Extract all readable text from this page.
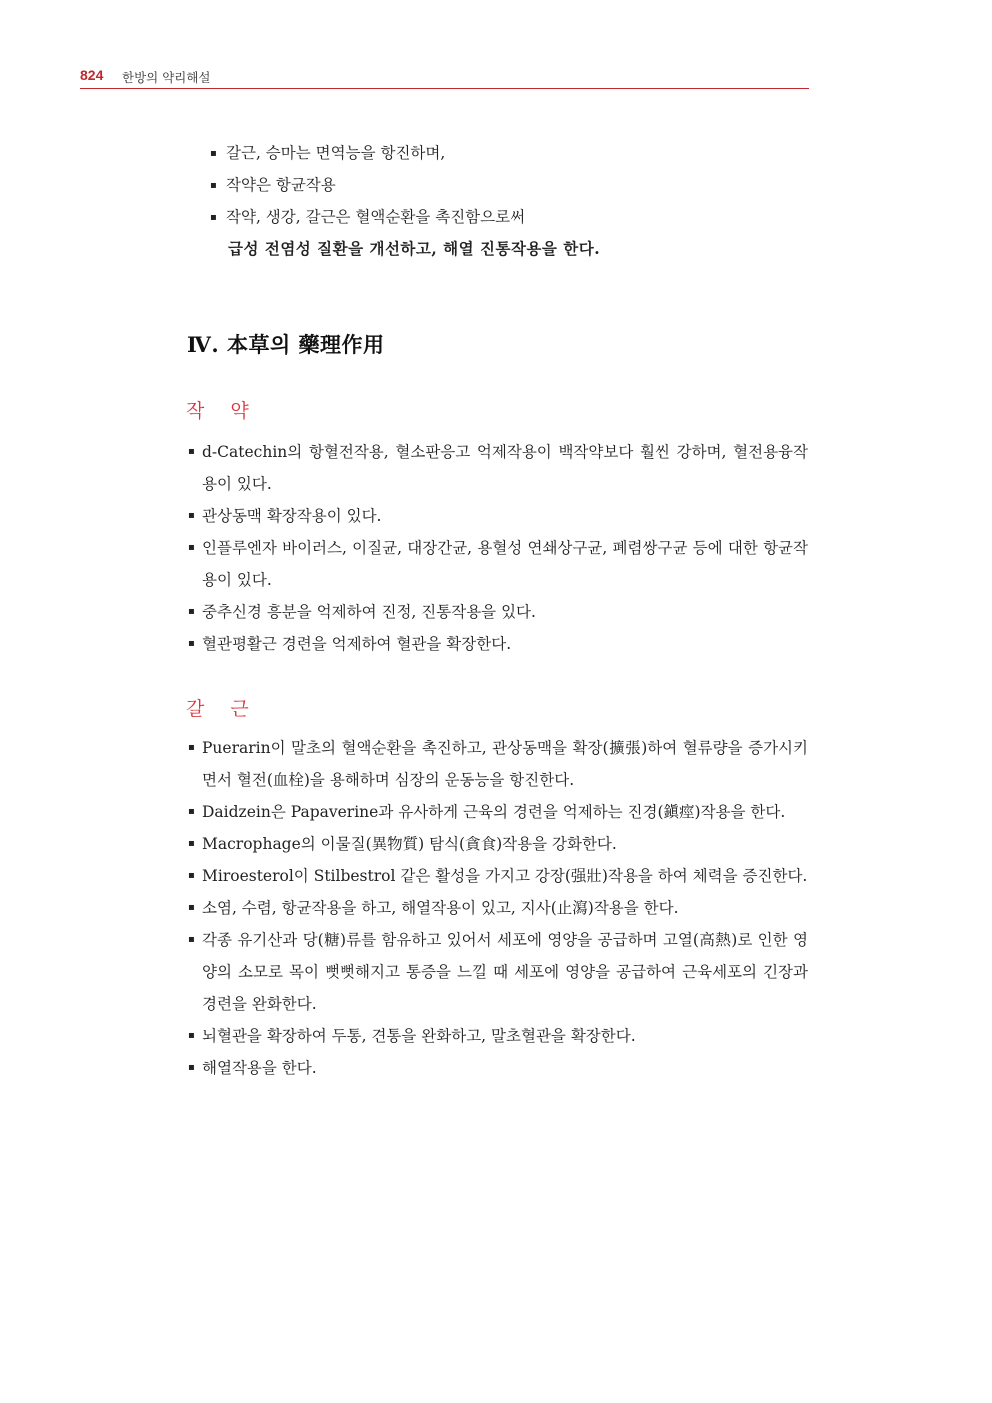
824 한방의 약리해설
▪ 갈근, 승마는 면역능을 항진하며,
▪ 작약은 항균작용
▪ 작약, 생강, 갈근은 혈액순환을 촉진함으로써
급성 전염성 질환을 개선하고, 해열 진통작용을 한다.
Ⅳ. 本草의 藥理作用
작 약
▪ d-Catechin의 항혈전작용, 혈소판응고 억제작용이 백작약보다 훨씬 강하며, 혈전용융작용이 있다.
▪ 관상동맥 확장작용이 있다.
▪ 인플루엔자 바이러스, 이질균, 대장간균, 용혈성 연쇄상구균, 폐렴쌍구균 등에 대한 항균작용이 있다.
▪ 중추신경 흥분을 억제하여 진정, 진통작용을 있다.
▪ 혈관평활근 경련을 억제하여 혈관을 확장한다.
갈 근
▪ Puerarin이 말초의 혈액순환을 촉진하고, 관상동맥을 확장(擴張)하여 혈류량을 증가시키면서 혈전(血栓)을 용해하며 심장의 운동능을 항진한다.
▪ Daidzein은 Papaverine과 유사하게 근육의 경련을 억제하는 진경(鎭痙)작용을 한다.
▪ Macrophage의 이물질(異物質) 탐식(貪食)작용을 강화한다.
▪ Miroesterol이 Stilbestrol 같은 활성을 가지고 강장(强壯)작용을 하여 체력을 증진한다.
▪ 소염, 수렴, 항균작용을 하고, 해열작용이 있고, 지사(止瀉)작용을 한다.
▪ 각종 유기산과 당(糖)류를 함유하고 있어서 세포에 영양을 공급하며 고열(高熱)로 인한 영양의 소모로 목이 뻣뻣해지고 통증을 느낄 때 세포에 영양을 공급하여 근육세포의 긴장과 경련을 완화한다.
▪ 뇌혈관을 확장하여 두통, 견통을 완화하고, 말초혈관을 확장한다.
▪ 해열작용을 한다.
